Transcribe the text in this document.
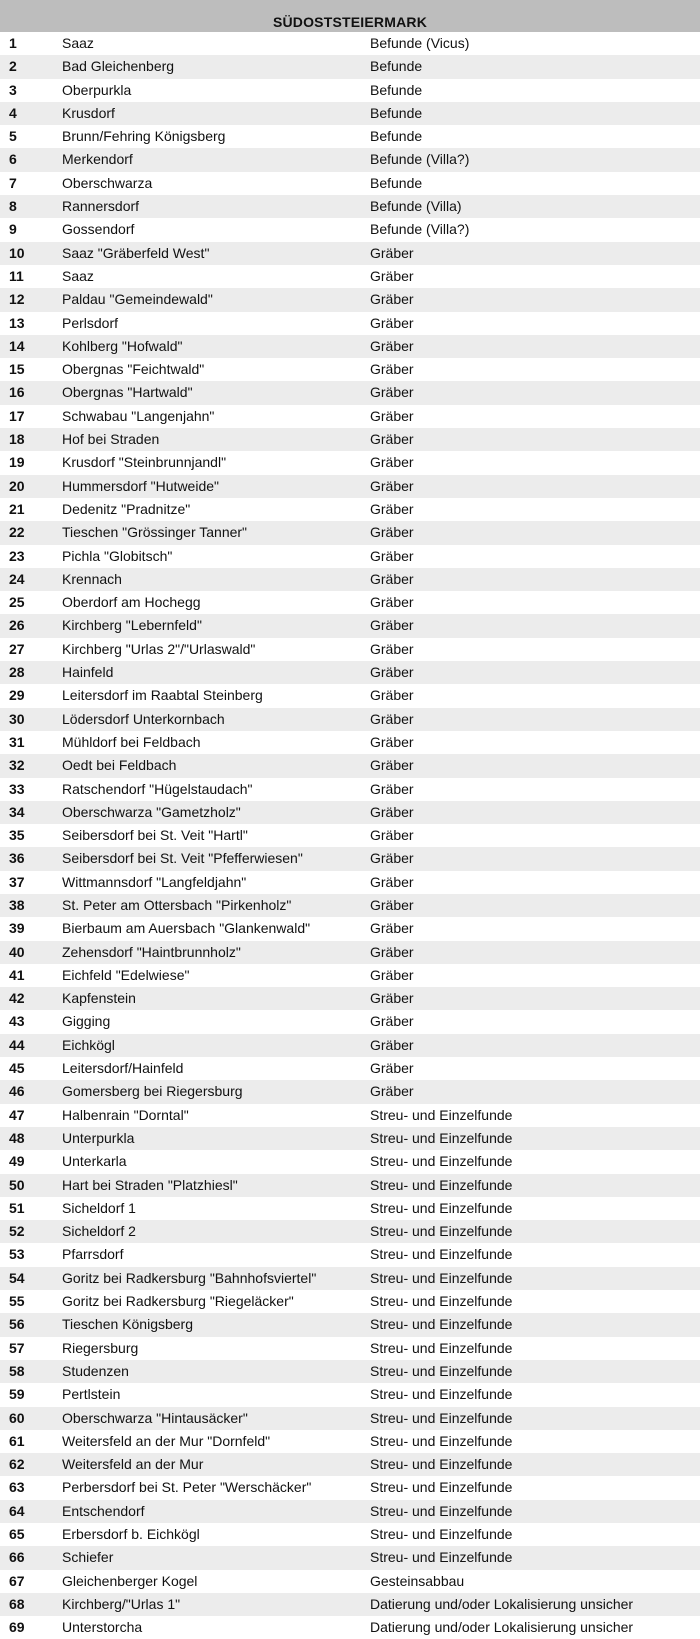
SÜDOSTSTEIERMARK
1	Saaz	Befunde (Vicus)
2	Bad Gleichenberg	Befunde
3	Oberpurkla	Befunde
4	Krusdorf	Befunde
5	Brunn/Fehring Königsberg	Befunde
6	Merkendorf	Befunde (Villa?)
7	Oberschwarza	Befunde
8	Rannersdorf	Befunde (Villa)
9	Gossendorf	Befunde (Villa?)
10	Saaz "Gräberfeld West"	Gräber
11	Saaz	Gräber
12	Paldau "Gemeindewald"	Gräber
13	Perlsdorf	Gräber
14	Kohlberg "Hofwald"	Gräber
15	Obergnas "Feichtwald"	Gräber
16	Obergnas "Hartwald"	Gräber
17	Schwabau "Langenjahn"	Gräber
18	Hof bei Straden	Gräber
19	Krusdorf "Steinbrunnjandl"	Gräber
20	Hummersdorf "Hutweide"	Gräber
21	Dedenitz "Pradnitze"	Gräber
22	Tieschen "Grössinger Tanner"	Gräber
23	Pichla "Globitsch"	Gräber
24	Krennach	Gräber
25	Oberdorf am Hochegg	Gräber
26	Kirchberg "Lebernfeld"	Gräber
27	Kirchberg "Urlas 2"/"Urlaswald"	Gräber
28	Hainfeld	Gräber
29	Leitersdorf im Raabtal Steinberg	Gräber
30	Lödersdorf Unterkornbach	Gräber
31	Mühldorf bei Feldbach	Gräber
32	Oedt bei Feldbach	Gräber
33	Ratschendorf "Hügelstaudach"	Gräber
34	Oberschwarza "Gametzholz"	Gräber
35	Seibersdorf bei St. Veit "Hartl"	Gräber
36	Seibersdorf bei St. Veit "Pfefferwiesen"	Gräber
37	Wittmannsdorf "Langfeldjahn"	Gräber
38	St. Peter am Ottersbach "Pirkenholz"	Gräber
39	Bierbaum am Auersbach "Glankenwald"	Gräber
40	Zehensdorf "Haintbrunnholz"	Gräber
41	Eichfeld "Edelwiese"	Gräber
42	Kapfenstein	Gräber
43	Gigging	Gräber
44	Eichkögl	Gräber
45	Leitersdorf/Hainfeld	Gräber
46	Gomersberg bei Riegersburg	Gräber
47	Halbenrain "Dorntal"	Streu- und Einzelfunde
48	Unterpurkla	Streu- und Einzelfunde
49	Unterkarla	Streu- und Einzelfunde
50	Hart bei Straden "Platzhiesl"	Streu- und Einzelfunde
51	Sicheldorf 1	Streu- und Einzelfunde
52	Sicheldorf 2	Streu- und Einzelfunde
53	Pfarrsdorf	Streu- und Einzelfunde
54	Goritz bei Radkersburg "Bahnhofsviertel"	Streu- und Einzelfunde
55	Goritz bei Radkersburg "Riegeläcker"	Streu- und Einzelfunde
56	Tieschen Königsberg	Streu- und Einzelfunde
57	Riegersburg	Streu- und Einzelfunde
58	Studenzen	Streu- und Einzelfunde
59	Pertlstein	Streu- und Einzelfunde
60	Oberschwarza "Hintausäcker"	Streu- und Einzelfunde
61	Weitersfeld an der Mur "Dornfeld"	Streu- und Einzelfunde
62	Weitersfeld an der Mur	Streu- und Einzelfunde
63	Perbersdorf bei St. Peter "Werschäcker"	Streu- und Einzelfunde
64	Entschendorf	Streu- und Einzelfunde
65	Erbersdorf b. Eichkögl	Streu- und Einzelfunde
66	Schiefer	Streu- und Einzelfunde
67	Gleichenberger Kogel	Gesteinsabbau
68	Kirchberg/"Urlas 1"	Datierung und/oder Lokalisierung unsicher
69	Unterstorcha	Datierung und/oder Lokalisierung unsicher
